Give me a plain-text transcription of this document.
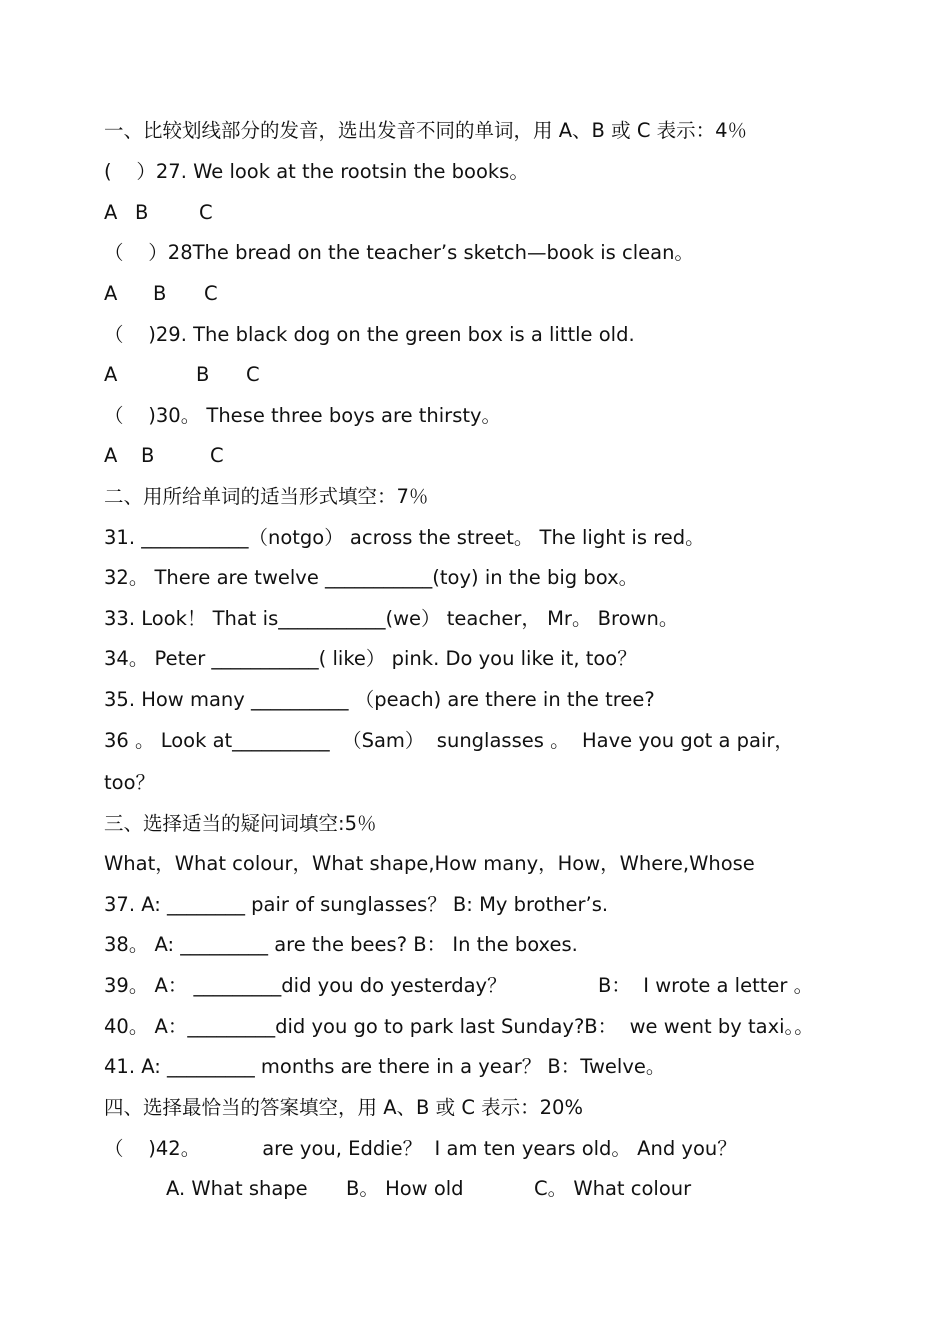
一、比较划线部分的发音，选出发音不同的单词，用 A、B 或 C 表示：4％
(    ）27. We look at the rootsin the books。

A

B

	C

（    ）28The bread on the teacher’s sketch—book is clean。

A

B

C

（    )29. The black dog on the green box is a little old.

A

	B

C

（    )30。 These three boys are thirsty。

A

B

	C

二、用所给单词的适当形式填空：7％
31. ___________（notgo） across the street。 The light is red。
32。 There are twelve ___________(toy) in the big box。
33. Look！ That is___________(we） teacher， Mr。 Brown。
34。 Peter ___________( like） pink. Do you like it, too？
35. How many __________ （peach) are there in the tree?
36 。 Look at__________  （Sam）  sunglasses 。  Have you got a pair，
too？
三、选择适当的疑问词填空:5％
What，What colour，What shape,How many，How，Where,Whose
37. A: ________ pair of sunglasses？ B: My brother’s.
38。 A: _________ are the bees? B： In the boxes.
39。 A： _________did you do yesterday？	B：  I wrote a letter 。
40。 A：_________did you go to park last Sunday?B：  we went by taxi。。
41. A: _________ months are there in a year？ B：Twelve。
四、选择最恰当的答案填空，用 A、B 或 C 表示：20%
（    )42。          are you, Eddie？  I am ten years old。 And you？

A. What shape

B。 How old

	C。 What colour
